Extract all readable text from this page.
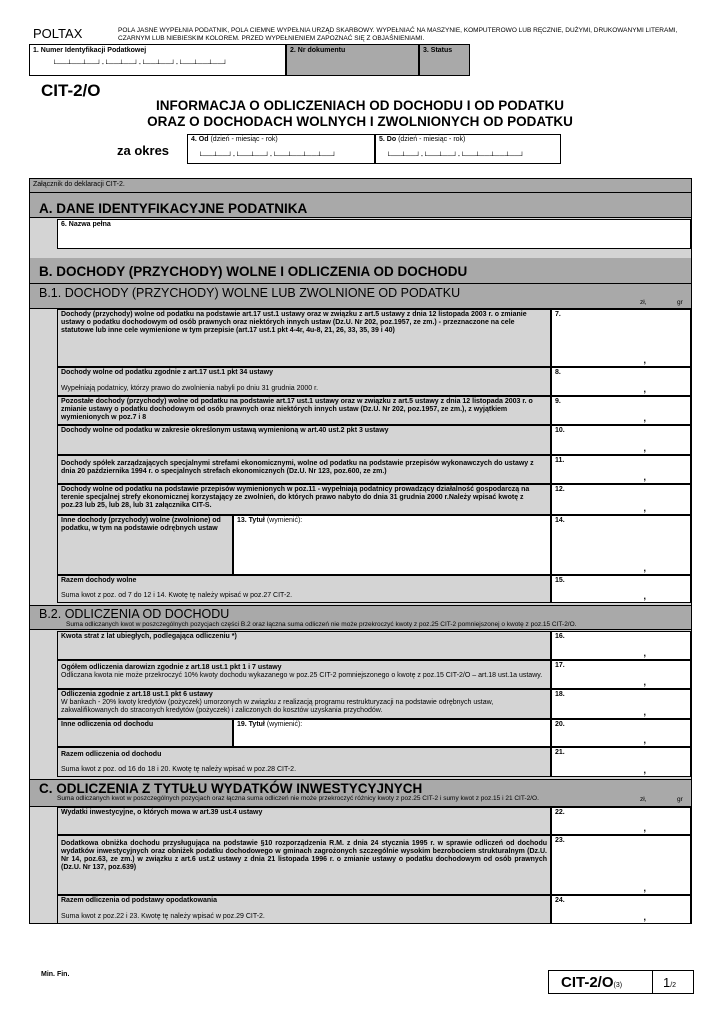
POLTAX	POLA JASNE WYPEŁNIA PODATNIK, POLA CIEMNE WYPEŁNIA URZĄD SKARBOWY. WYPEŁNIAĆ NA MASZYNIE, KOMPUTEROWO LUB RĘCZNIE, DUŻYMI, DRUKOWANYMI LITERAMI, CZARNYM LUB NIEBIESKIM KOLOREM. PRZED WYPEŁNIENIEM ZAPOZNAĆ SIĘ Z OBJAŚNIENIAMI.
1. Numer Identyfikacji Podatkowej
└──┴──┴──┘-└──┴──┘-└──┴──┘-└──┴──┴──┘
2. Nr dokumentu	3. Status
CIT-2/O
INFORMACJA O ODLICZENIACH OD DOCHODU I OD PODATKU
ORAZ O DOCHODACH WOLNYCH I ZWOLNIONYCH OD PODATKU
za okres
4. Od (dzień - miesiąc - rok)
└──┴──┘-└──┴──┘-└──┴──┴──┴──┘
5. Do (dzień - miesiąc - rok)
└──┴──┘-└──┴──┘-└──┴──┴──┴──┘
Załącznik do deklaracji CIT-2.
A. DANE IDENTYFIKACYJNE PODATNIKA
6. Nazwa pełna
B. DOCHODY (PRZYCHODY) WOLNE I ODLICZENIA OD DOCHODU
B.1. DOCHODY (PRZYCHODY) WOLNE LUB ZWOLNIONE OD PODATKU
zł,	gr
Dochody (przychody) wolne od podatku na podstawie art.17 ust.1 ustawy oraz w związku z art.5 ustawy z dnia 12 listopada 2003 r. o zmianie ustawy o podatku dochodowym od osób prawnych oraz niektórych innych ustaw (Dz.U. Nr 202, poz.1957, ze zm.) - przeznaczone na cele statutowe lub inne cele wymienione w tym przepisie (art.17 ust.1 pkt 4-4r, 4u-8, 21, 26, 33, 35, 39 i 40)
7.
,
Dochody wolne od podatku zgodnie z art.17 ust.1 pkt 34 ustawy
Wypełniają podatnicy, którzy prawo do zwolnienia nabyli po dniu 31 grudnia 2000 r.
8.
,
Pozostałe dochody (przychody) wolne od podatku na podstawie art.17 ust.1 ustawy oraz w związku z art.5 ustawy z dnia 12 listopada 2003 r. o zmianie ustawy o podatku dochodowym od osób prawnych oraz niektórych innych ustaw (Dz.U. Nr 202, poz.1957, ze zm.), z wyjątkiem wymienionych w poz.7 i 8
9.
,
Dochody wolne od podatku w zakresie określonym ustawą wymienioną w art.40 ust.2 pkt 3 ustawy	10.
,
Dochody spółek zarządzających specjalnymi strefami ekonomicznymi, wolne od podatku na podstawie przepisów wykonawczych do ustawy z dnia 20 października 1994 r. o specjalnych strefach ekonomicznych (Dz.U. Nr 123, poz.600, ze zm.)
11.
,
Dochody wolne od podatku na podstawie przepisów wymienionych w poz.11 - wypełniają podatnicy prowadzący działalność gospodarczą na terenie specjalnej strefy ekonomicznej korzystający ze zwolnień, do których prawo nabyto do dnia 31 grudnia 2000 r.Należy wpisać kwotę z poz.23 lub 25, lub 28, lub 31 załącznika CIT-S.
12.
,
Inne dochody (przychody) wolne (zwolnione) od podatku, w tym na podstawie odrębnych ustaw
13. Tytuł (wymienić):	14.
,
Razem dochody wolne
Suma kwot z poz. od 7 do 12 i 14. Kwotę tę należy wpisać w poz.27 CIT-2.
15.
,
B.2. ODLICZENIA OD DOCHODU
Suma odliczanych kwot w poszczególnych pozycjach części B.2 oraz łączna suma odliczeń nie może przekroczyć kwoty z poz.25 CIT-2 pomniejszonej o kwotę z poz.15 CIT-2/O.
Kwota strat z lat ubiegłych, podlegająca odliczeniu *)	16.
,
Ogółem odliczenia darowizn zgodnie z art.18 ust.1 pkt 1 i 7 ustawy
Odliczana kwota nie może przekroczyć 10% kwoty dochodu wykazanego w poz.25 CIT-2 pomniejszonego o kwotę z poz.15 CIT-2/O – art.18 ust.1a ustawy.
17.
,
Odliczenia zgodnie z art.18 ust.1 pkt 6 ustawy
W bankach - 20% kwoty kredytów (pożyczek) umorzonych w związku z realizacją programu restrukturyzacji na podstawie odrębnych ustaw, zakwalifikowanych do straconych kredytów (pożyczek) i zaliczonych do kosztów uzyskania przychodów.
18.
,
Inne odliczenia od dochodu	19. Tytuł (wymienić):	20.
,
Razem odliczenia od dochodu
Suma kwot z poz. od 16 do 18 i 20. Kwotę tę należy wpisać w poz.28 CIT-2.
21.
,
C. ODLICZENIA Z TYTUŁU WYDATKÓW INWESTYCYJNYCH
Suma odliczanych kwot w poszczególnych pozycjach oraz łączna suma odliczeń nie może przekroczyć różnicy kwoty z poz.25 CIT-2 i sumy kwot z poz.15 i 21 CIT-2/O.	zł,	gr
Wydatki inwestycyjne, o których mowa w art.39 ust.4 ustawy	22.
,
Dodatkowa obniżka dochodu przysługująca na podstawie §10 rozporządzenia R.M. z dnia 24 stycznia 1995 r. w sprawie odliczeń od dochodu wydatków inwestycyjnych oraz obniżek podatku dochodowego w gminach zagrożonych szczególnie wysokim bezrobociem strukturalnym (Dz.U. Nr 14, poz.63, ze zm.) w związku z art.6 ust.2 ustawy z dnia 21 listopada 1996 r. o zmianie ustawy o podatku dochodowym od osób prawnych (Dz.U. Nr 137, poz.639)
23.
,
Razem odliczenia od podstawy opodatkowania
Suma kwot z poz.22 i 23. Kwotę tę należy wpisać w poz.29 CIT-2.
24.
,
Min. Fin.	CIT-2/O(3)	1/2
